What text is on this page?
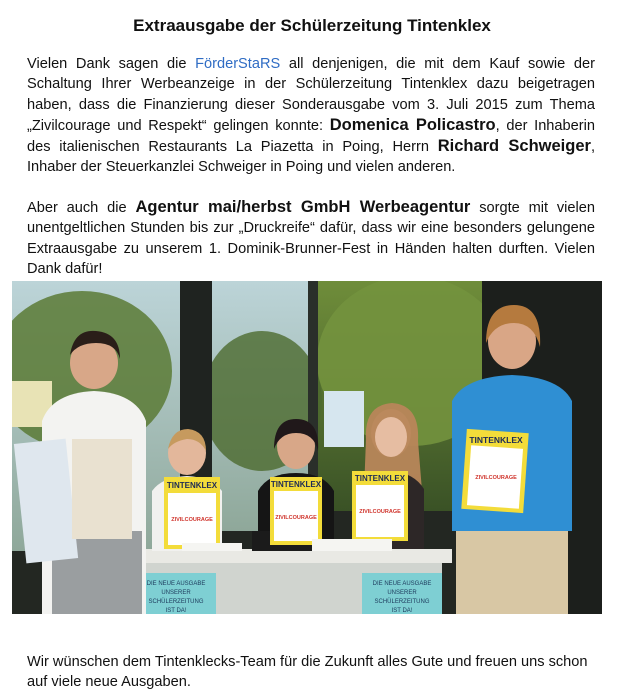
Extraausgabe der Schülerzeitung Tintenklex
Vielen Dank sagen die FörderStaRS all denjenigen, die mit dem Kauf sowie der Schaltung Ihrer Werbeanzeige in der Schülerzeitung Tintenklex dazu beigetragen haben, dass die Finanzierung dieser Sonderausgabe vom 3. Juli 2015 zum Thema „Zivilcourage und Respekt“ gelingen konnte: Domenica Policastro, der Inhaberin des italienischen Restaurants La Piazetta in Poing, Herrn Richard Schweiger, Inhaber der Steuerkanzlei Schweiger in Poing und vielen anderen.
Aber auch die Agentur mai/herbst GmbH Werbeagentur sorgte mit vielen unentgeltlichen Stunden bis zur „Druckreife“ dafür, dass wir eine besonders gelungene Extraausgabe zu unserem 1. Dominik-Brunner-Fest in Händen halten durften. Vielen Dank dafür!
DIE NEUE AUSGABE
UNSERER
SCHÜLERZEITUNG
IST DA!
DIE NEUE AUSGABE
UNSERER
SCHÜLERZEITUNG
IST DA!
TINTENKLEX
ZIVILCOURAGE
TINTENKLEX
ZIVILCOURAGE
TINTENKLEX
ZIVILCOURAGE
TINTENKLEX
ZIVILCOURAGE
Wir wünschen dem Tintenklecks-Team für die Zukunft alles Gute und freuen uns schon auf viele neue Ausgaben.
